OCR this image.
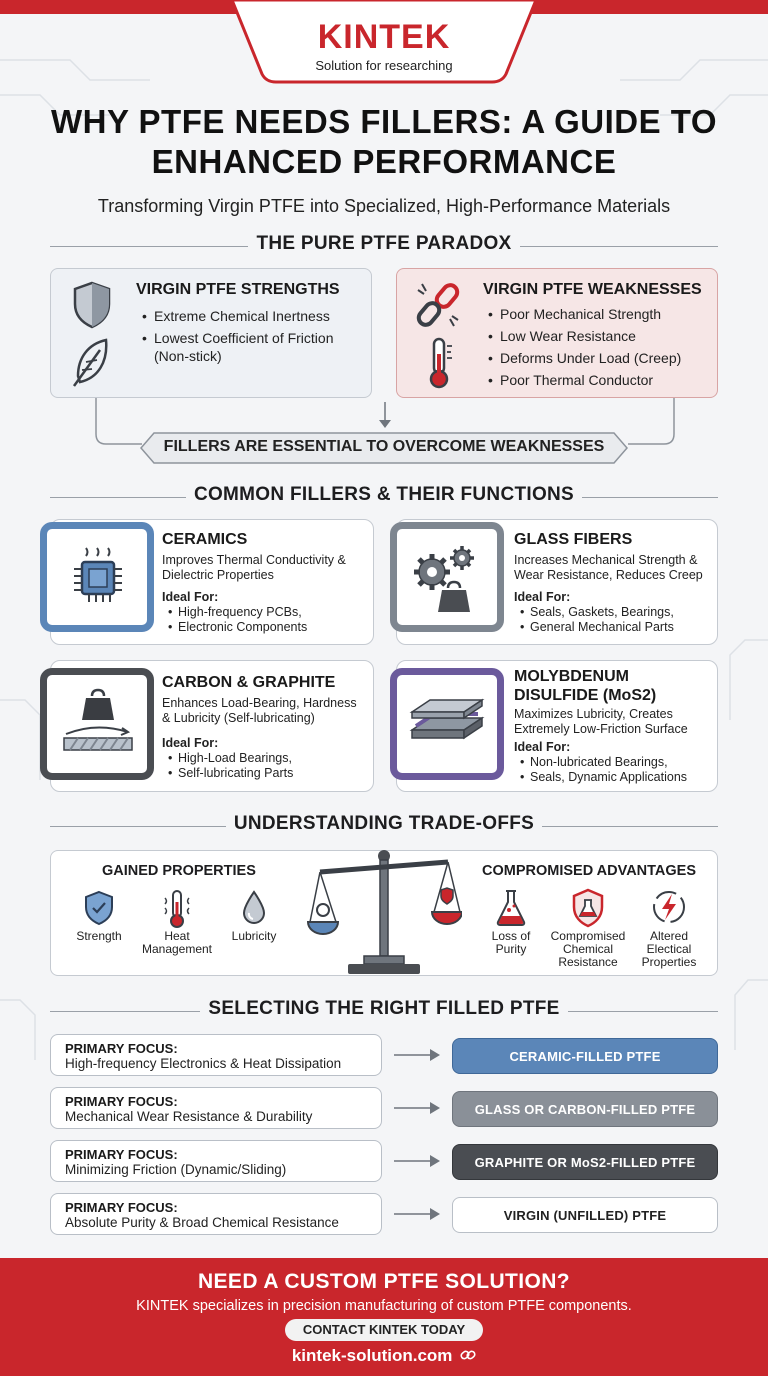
KINTEK
Solution for researching
WHY PTFE NEEDS FILLERS: A GUIDE TO ENHANCED PERFORMANCE
Transforming Virgin PTFE into Specialized, High-Performance Materials
THE PURE PTFE PARADOX
VIRGIN PTFE STRENGTHS
• Extreme Chemical Inertness
• Lowest Coefficient of Friction (Non-stick)
VIRGIN PTFE WEAKNESSES
• Poor Mechanical Strength
• Low Wear Resistance
• Deforms Under Load (Creep)
• Poor Thermal Conductor
FILLERS ARE ESSENTIAL TO OVERCOME WEAKNESSES
COMMON FILLERS & THEIR FUNCTIONS
CERAMICS
Improves Thermal Conductivity &
Dielectric Properties
Ideal For:
• High-frequency PCBs,
• Electronic Components
GLASS FIBERS
Increases Mechanical Strength &
Wear Resistance, Reduces Creep
Ideal For:
• Seals, Gaskets, Bearings,
• General Mechanical Parts
CARBON & GRAPHITE
Enhances Load-Bearing, Hardness
& Lubricity (Self-lubricating)
Ideal For:
• High-Load Bearings,
• Self-lubricating Parts
MOLYBDENUM
DISULFIDE (MoS2)
Maximizes Lubricity, Creates
Extremely Low-Friction Surface
Ideal For:
• Non-lubricated Bearings,
• Seals, Dynamic Applications
UNDERSTANDING TRADE-OFFS
GAINED PROPERTIES
Strength	Heat
Management
Lubricity
COMPROMISED ADVANTAGES
Loss of
Purity
Compromised
Chemical
Resistance
Altered
Electical
Properties
SELECTING THE RIGHT FILLED PTFE
PRIMARY FOCUS:
High-frequency Electronics & Heat Dissipation	CERAMIC-FILLED PTFE
PRIMARY FOCUS:
Mechanical Wear Resistance & Durability	GLASS OR CARBON-FILLED PTFE
PRIMARY FOCUS:
Minimizing Friction (Dynamic/Sliding)	GRAPHITE OR MoS2-FILLED PTFE
PRIMARY FOCUS:
Absolute Purity & Broad Chemical Resistance	VIRGIN (UNFILLED) PTFE
NEED A CUSTOM PTFE SOLUTION?
KINTEK specializes in precision manufacturing of custom PTFE components.
CONTACT KINTEK TODAY
kintek-solution.com
